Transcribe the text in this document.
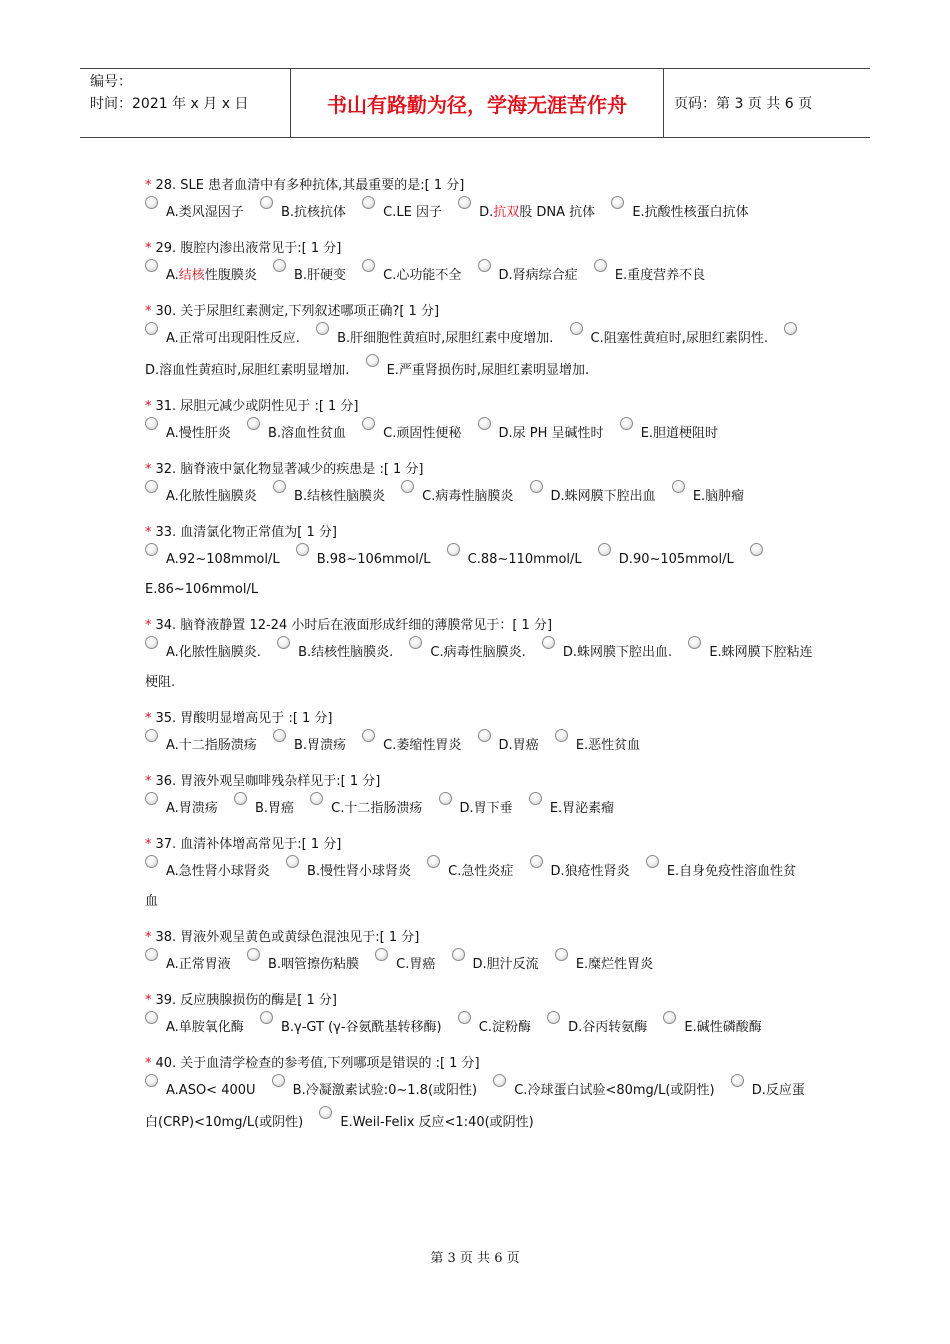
编号：
时间：2021 年 x 月 x 日	书山有路勤为径，学海无涯苦作舟	页码：第 3 页 共 6 页
* 28. SLE 患者血清中有多种抗体,其最重要的是:[ 1 分]
A.类风湿因子	B.抗核抗体	C.LE 因子	D.抗双股 DNA 抗体	E.抗酸性核蛋白抗体
* 29. 腹腔内渗出液常见于:[ 1 分]
A.结核性腹膜炎	B.肝硬变	C.心功能不全	D.肾病综合症	E.重度营养不良
* 30. 关于尿胆红素测定,下列叙述哪项正确?[ 1 分]
A.正常可出现阳性反应.	B.肝细胞性黄疸时,尿胆红素中度增加.	C.阻塞性黄疸时,尿胆红素阴性. D.溶血性黄疸时,尿胆红素明显增加.	E.严重肾损伤时,尿胆红素明显增加.
* 31. 尿胆元减少或阴性见于 :[ 1 分]
A.慢性肝炎	B.溶血性贫血	C.顽固性便秘	D.尿 PH 呈碱性时	E.胆道梗阻时
* 32. 脑脊液中氯化物显著减少的疾患是 :[ 1 分]
A.化脓性脑膜炎	B.结核性脑膜炎	C.病毒性脑膜炎	D.蛛网膜下腔出血	E.脑肿瘤
* 33. 血清氯化物正常值为[ 1 分]
A.92~108mmol/L	B.98~106mmol/L	C.88~110mmol/L	D.90~105mmol/L E.86~106mmol/L
* 34. 脑脊液静置 12-24 小时后在液面形成纤细的薄膜常见于：[ 1 分]
A.化脓性脑膜炎.	B.结核性脑膜炎.	C.病毒性脑膜炎.	D.蛛网膜下腔出血.	E.蛛网膜下腔粘连梗阻.
* 35. 胃酸明显增高见于 :[ 1 分]
A.十二指肠溃疡	B.胃溃疡	C.萎缩性胃炎	D.胃癌	E.恶性贫血
* 36. 胃液外观呈咖啡残杂样见于:[ 1 分]
A.胃溃疡	B.胃癌	C.十二指肠溃疡	D.胃下垂	E.胃泌素瘤
* 37. 血清补体增高常见于:[ 1 分]
A.急性肾小球肾炎	B.慢性肾小球肾炎	C.急性炎症	D.狼疮性肾炎	E.自身免疫性溶血性贫血
* 38. 胃液外观呈黄色或黄绿色混浊见于:[ 1 分]
A.正常胃液	B.咽管擦伤粘膜	C.胃癌	D.胆汁反流	E.糜烂性胃炎
* 39. 反应胰腺损伤的酶是[ 1 分]
A.单胺氧化酶	B.γ-GT (γ-谷氨酰基转移酶)	C.淀粉酶	D.谷丙转氨酶	E.碱性磷酸酶
* 40. 关于血清学检查的参考值,下列哪项是错误的 :[ 1 分]
A.ASO< 400U	B.冷凝激素试验:0~1.8(或阳性)	C.冷球蛋白试验<80mg/L(或阴性)	D.反应蛋白(CRP)<10mg/L(或阴性)	E.Weil-Felix 反应<1:40(或阴性)
第 3 页 共 6 页
